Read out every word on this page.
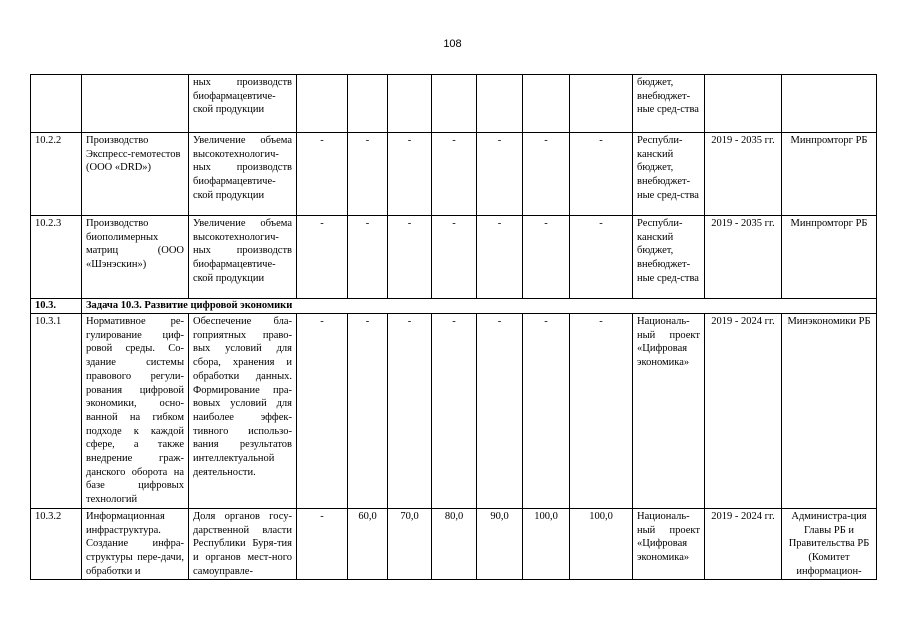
108
		ных производств биофармацевтиче-ской продукции								бюджет, внебюджет-ные сред-ства		
10.2.2	Производство Экспресс-гемотестов (ООО «DRD»)	Увеличение объема высокотехнологич-ных производств биофармацевтиче-ской продукции	-	-	-	-	-	-	-	Республи-канский бюджет, внебюджет-ные сред-ства	2019 - 2035 гг.	Минпромторг РБ
10.2.3	Производство биополимерных матриц (ООО «Шэнэскин»)	Увеличение объема высокотехнологич-ных производств биофармацевтиче-ской продукции	-	-	-	-	-	-	-	Республи-канский бюджет, внебюджет-ные сред-ства	2019 - 2035 гг.	Минпромторг РБ
10.3.	Задача 10.3. Развитие цифровой экономики											
10.3.1	Нормативное ре-гулирование циф-ровой среды. Со-здание системы правового регули-рования цифровой экономики, осно-ванной на гибком подходе к каждой сфере, а также внедрение граж-данского оборота на базе цифровых технологий	Обеспечение бла-гоприятных право-вых условий для сбора, хранения и обработки данных. Формирование пра-вовых условий для наиболее эффек-тивного использо-вания результатов интеллектуальной деятельности.	-	-	-	-	-	-	-	Националь-ный проект «Цифровая экономика»	2019 - 2024 гг.	Минэкономики РБ
10.3.2	Информационная инфраструктура. Создание инфра-структуры пере-дачи, обработки и	Доля органов госу-дарственной власти Республики Буря-тия и органов мест-ного самоуправле-	-	60,0	70,0	80,0	90,0	100,0	100,0	Националь-ный проект «Цифровая экономика»	2019 - 2024 гг.	Администра-ция Главы РБ и Правительства РБ (Комитет информацион-
